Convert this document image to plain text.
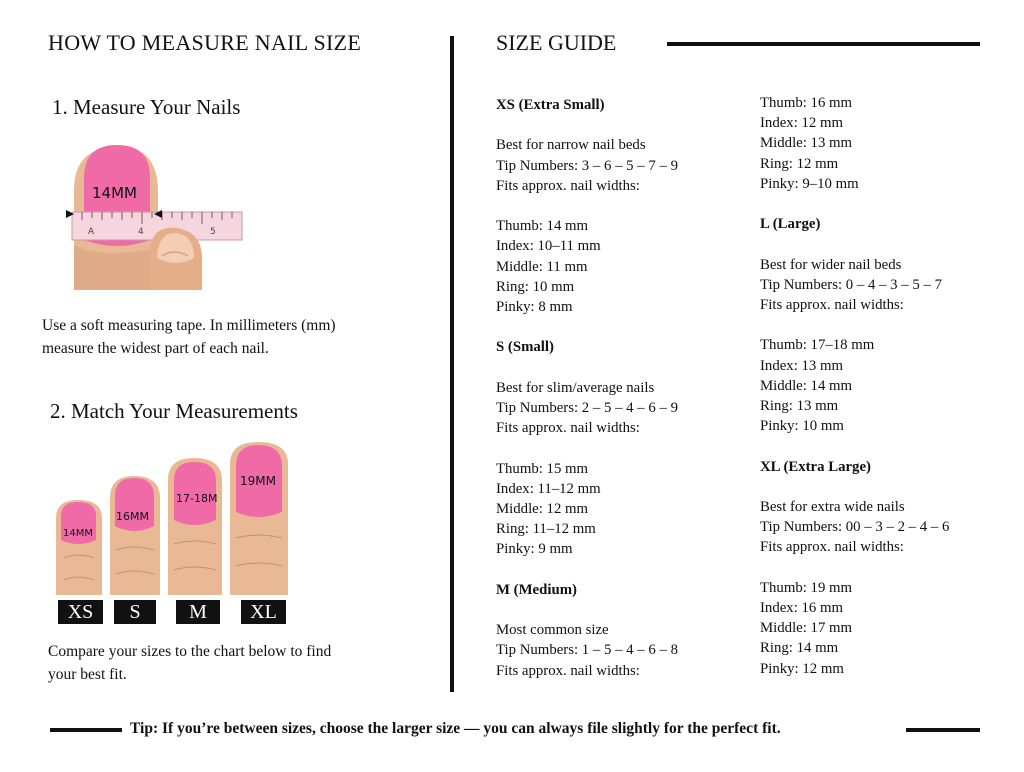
HOW TO MEASURE NAIL SIZE
1. Measure Your Nails
14MM
A	4	5
Use a soft measuring tape. In millimeters (mm) measure the widest part of each nail.
2. Match Your Measurements
14MM
16MM
17-18M
19MM
XS	S	M	XL
Compare your sizes to the chart below to find your best fit.
SIZE GUIDE
XS (Extra Small)
Best for narrow nail beds
Tip Numbers: 3 – 6 – 5 – 7 – 9
Fits approx. nail widths:
Thumb: 14 mm
Index: 10–11 mm
Middle: 11 mm
Ring: 10 mm
Pinky: 8 mm
S (Small)
Best for slim/average nails
Tip Numbers: 2 – 5 – 4 – 6 – 9
Fits approx. nail widths:
Thumb: 15 mm
Index: 11–12 mm
Middle: 12 mm
Ring: 11–12 mm
Pinky: 9 mm
M (Medium)
Most common size
Tip Numbers: 1 – 5 – 4 – 6 – 8
Fits approx. nail widths:
Thumb: 16 mm
Index: 12 mm
Middle: 13 mm
Ring: 12 mm
Pinky: 9–10 mm
L (Large)
Best for wider nail beds
Tip Numbers: 0 – 4 – 3 – 5 – 7
Fits approx. nail widths:
Thumb: 17–18 mm
Index: 13 mm
Middle: 14 mm
Ring: 13 mm
Pinky: 10 mm
XL (Extra Large)
Best for extra wide nails
Tip Numbers: 00 – 3 – 2 – 4 – 6
Fits approx. nail widths:
Thumb: 19 mm
Index: 16 mm
Middle: 17 mm
Ring: 14 mm
Pinky: 12 mm
Tip: If you’re between sizes, choose the larger size — you can always file slightly for the perfect fit.
